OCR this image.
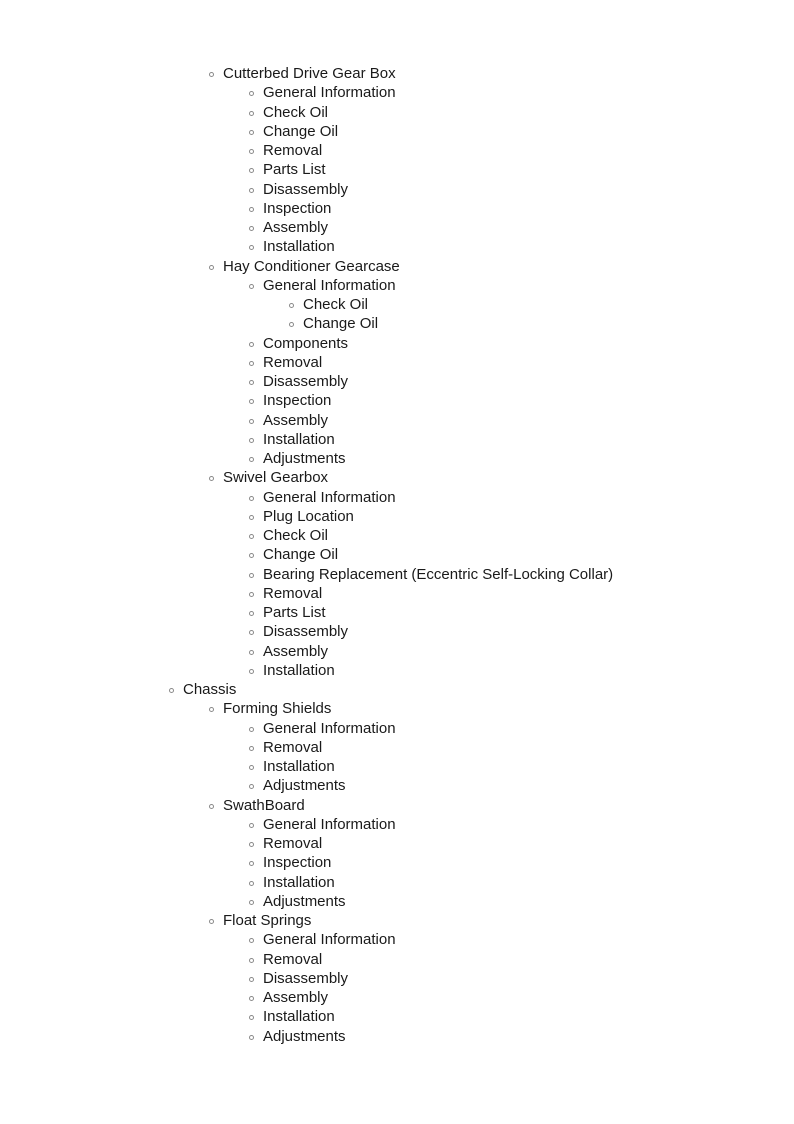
Cutterbed Drive Gear Box
General Information
Check Oil
Change Oil
Removal
Parts List
Disassembly
Inspection
Assembly
Installation
Hay Conditioner Gearcase
General Information
Check Oil
Change Oil
Components
Removal
Disassembly
Inspection
Assembly
Installation
Adjustments
Swivel Gearbox
General Information
Plug Location
Check Oil
Change Oil
Bearing Replacement (Eccentric Self-Locking Collar)
Removal
Parts List
Disassembly
Assembly
Installation
Chassis
Forming Shields
General Information
Removal
Installation
Adjustments
SwathBoard
General Information
Removal
Inspection
Installation
Adjustments
Float Springs
General Information
Removal
Disassembly
Assembly
Installation
Adjustments
